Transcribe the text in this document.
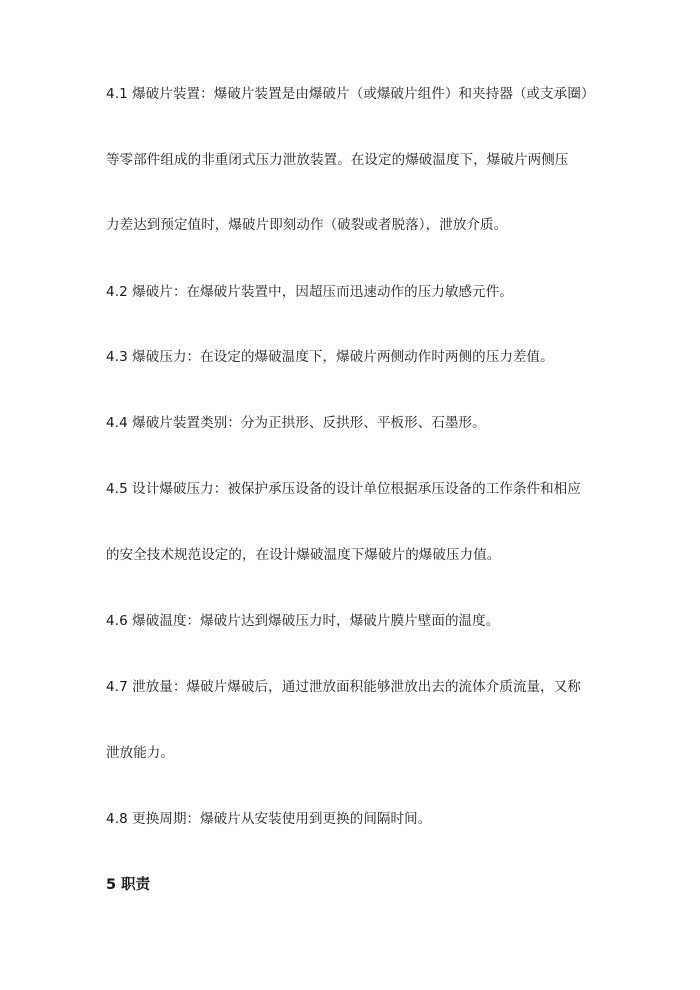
4.1 爆破片装置：爆破片装置是由爆破片（或爆破片组件）和夹持器（或支承圈）
等零部件组成的非重闭式压力泄放装置。在设定的爆破温度下，爆破片两侧压
力差达到预定值时，爆破片即刻动作（破裂或者脱落），泄放介质。
4.2 爆破片：在爆破片装置中，因超压而迅速动作的压力敏感元件。
4.3 爆破压力：在设定的爆破温度下，爆破片两侧动作时两侧的压力差值。
4.4 爆破片装置类别：分为正拱形、反拱形、平板形、石墨形。
4.5 设计爆破压力：被保护承压设备的设计单位根据承压设备的工作条件和相应
的安全技术规范设定的，在设计爆破温度下爆破片的爆破压力值。
4.6 爆破温度：爆破片达到爆破压力时，爆破片膜片壁面的温度。
4.7 泄放量：爆破片爆破后，通过泄放面积能够泄放出去的流体介质流量，又称
泄放能力。
4.8 更换周期：爆破片从安装使用到更换的间隔时间。
5 职责
